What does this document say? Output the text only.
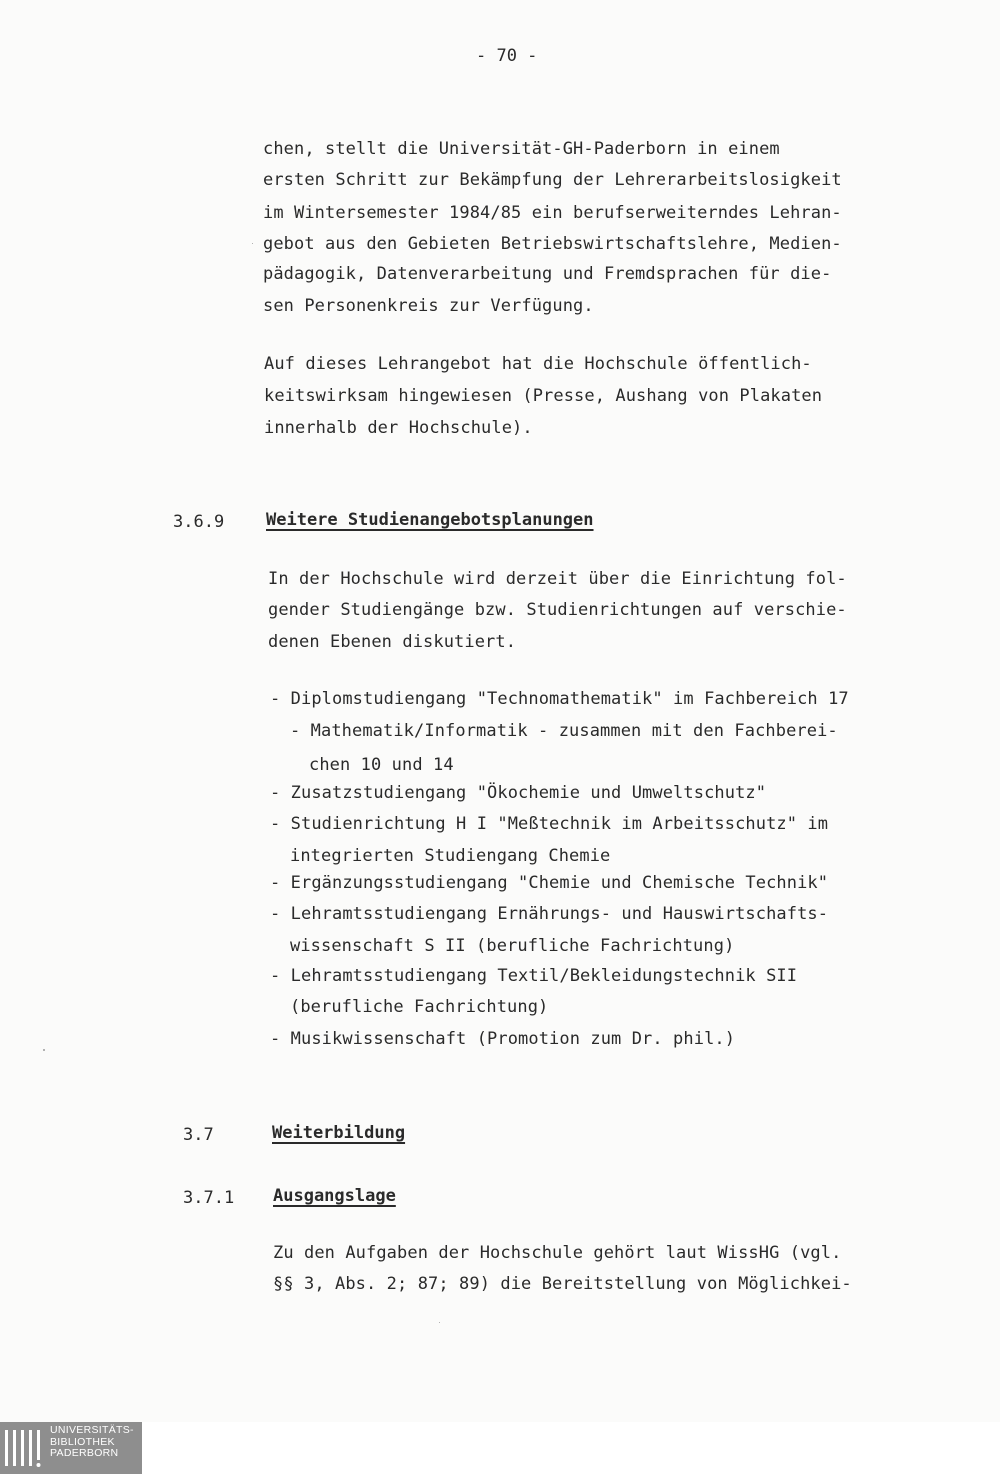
- 70 -
chen, stellt die Universität-GH-Paderborn in einem
ersten Schritt zur Bekämpfung der Lehrerarbeitslosigkeit
im Wintersemester 1984/85 ein berufserweiterndes Lehran-
gebot aus den Gebieten Betriebswirtschaftslehre, Medien-
pädagogik, Datenverarbeitung und Fremdsprachen für die-
sen Personenkreis zur Verfügung.
Auf dieses Lehrangebot hat die Hochschule öffentlich-
keitswirksam hingewiesen (Presse, Aushang von Plakaten
innerhalb der Hochschule).
3.6.9 Weitere Studienangebotsplanungen
In der Hochschule wird derzeit über die Einrichtung fol-
gender Studiengänge bzw. Studienrichtungen auf verschie-
denen Ebenen diskutiert.
- Diplomstudiengang "Technomathematik" im Fachbereich 17
- Mathematik/Informatik - zusammen mit den Fachberei-
chen 10 und 14
- Zusatzstudiengang "Ökochemie und Umweltschutz"
- Studienrichtung H I "Meßtechnik im Arbeitsschutz" im
integrierten Studiengang Chemie
- Ergänzungsstudiengang "Chemie und Chemische Technik"
- Lehramtsstudiengang Ernährungs- und Hauswirtschafts-
wissenschaft S II (berufliche Fachrichtung)
- Lehramtsstudiengang Textil/Bekleidungstechnik SII
(berufliche Fachrichtung)
- Musikwissenschaft (Promotion zum Dr. phil.)
3.7	Weiterbildung
3.7.1 Ausgangslage
Zu den Aufgaben der Hochschule gehört laut WissHG (vgl.
§§ 3, Abs. 2; 87; 89) die Bereitstellung von Möglichkei-
UNIVERSITÄTS-
BIBLIOTHEK
PADERBORN
